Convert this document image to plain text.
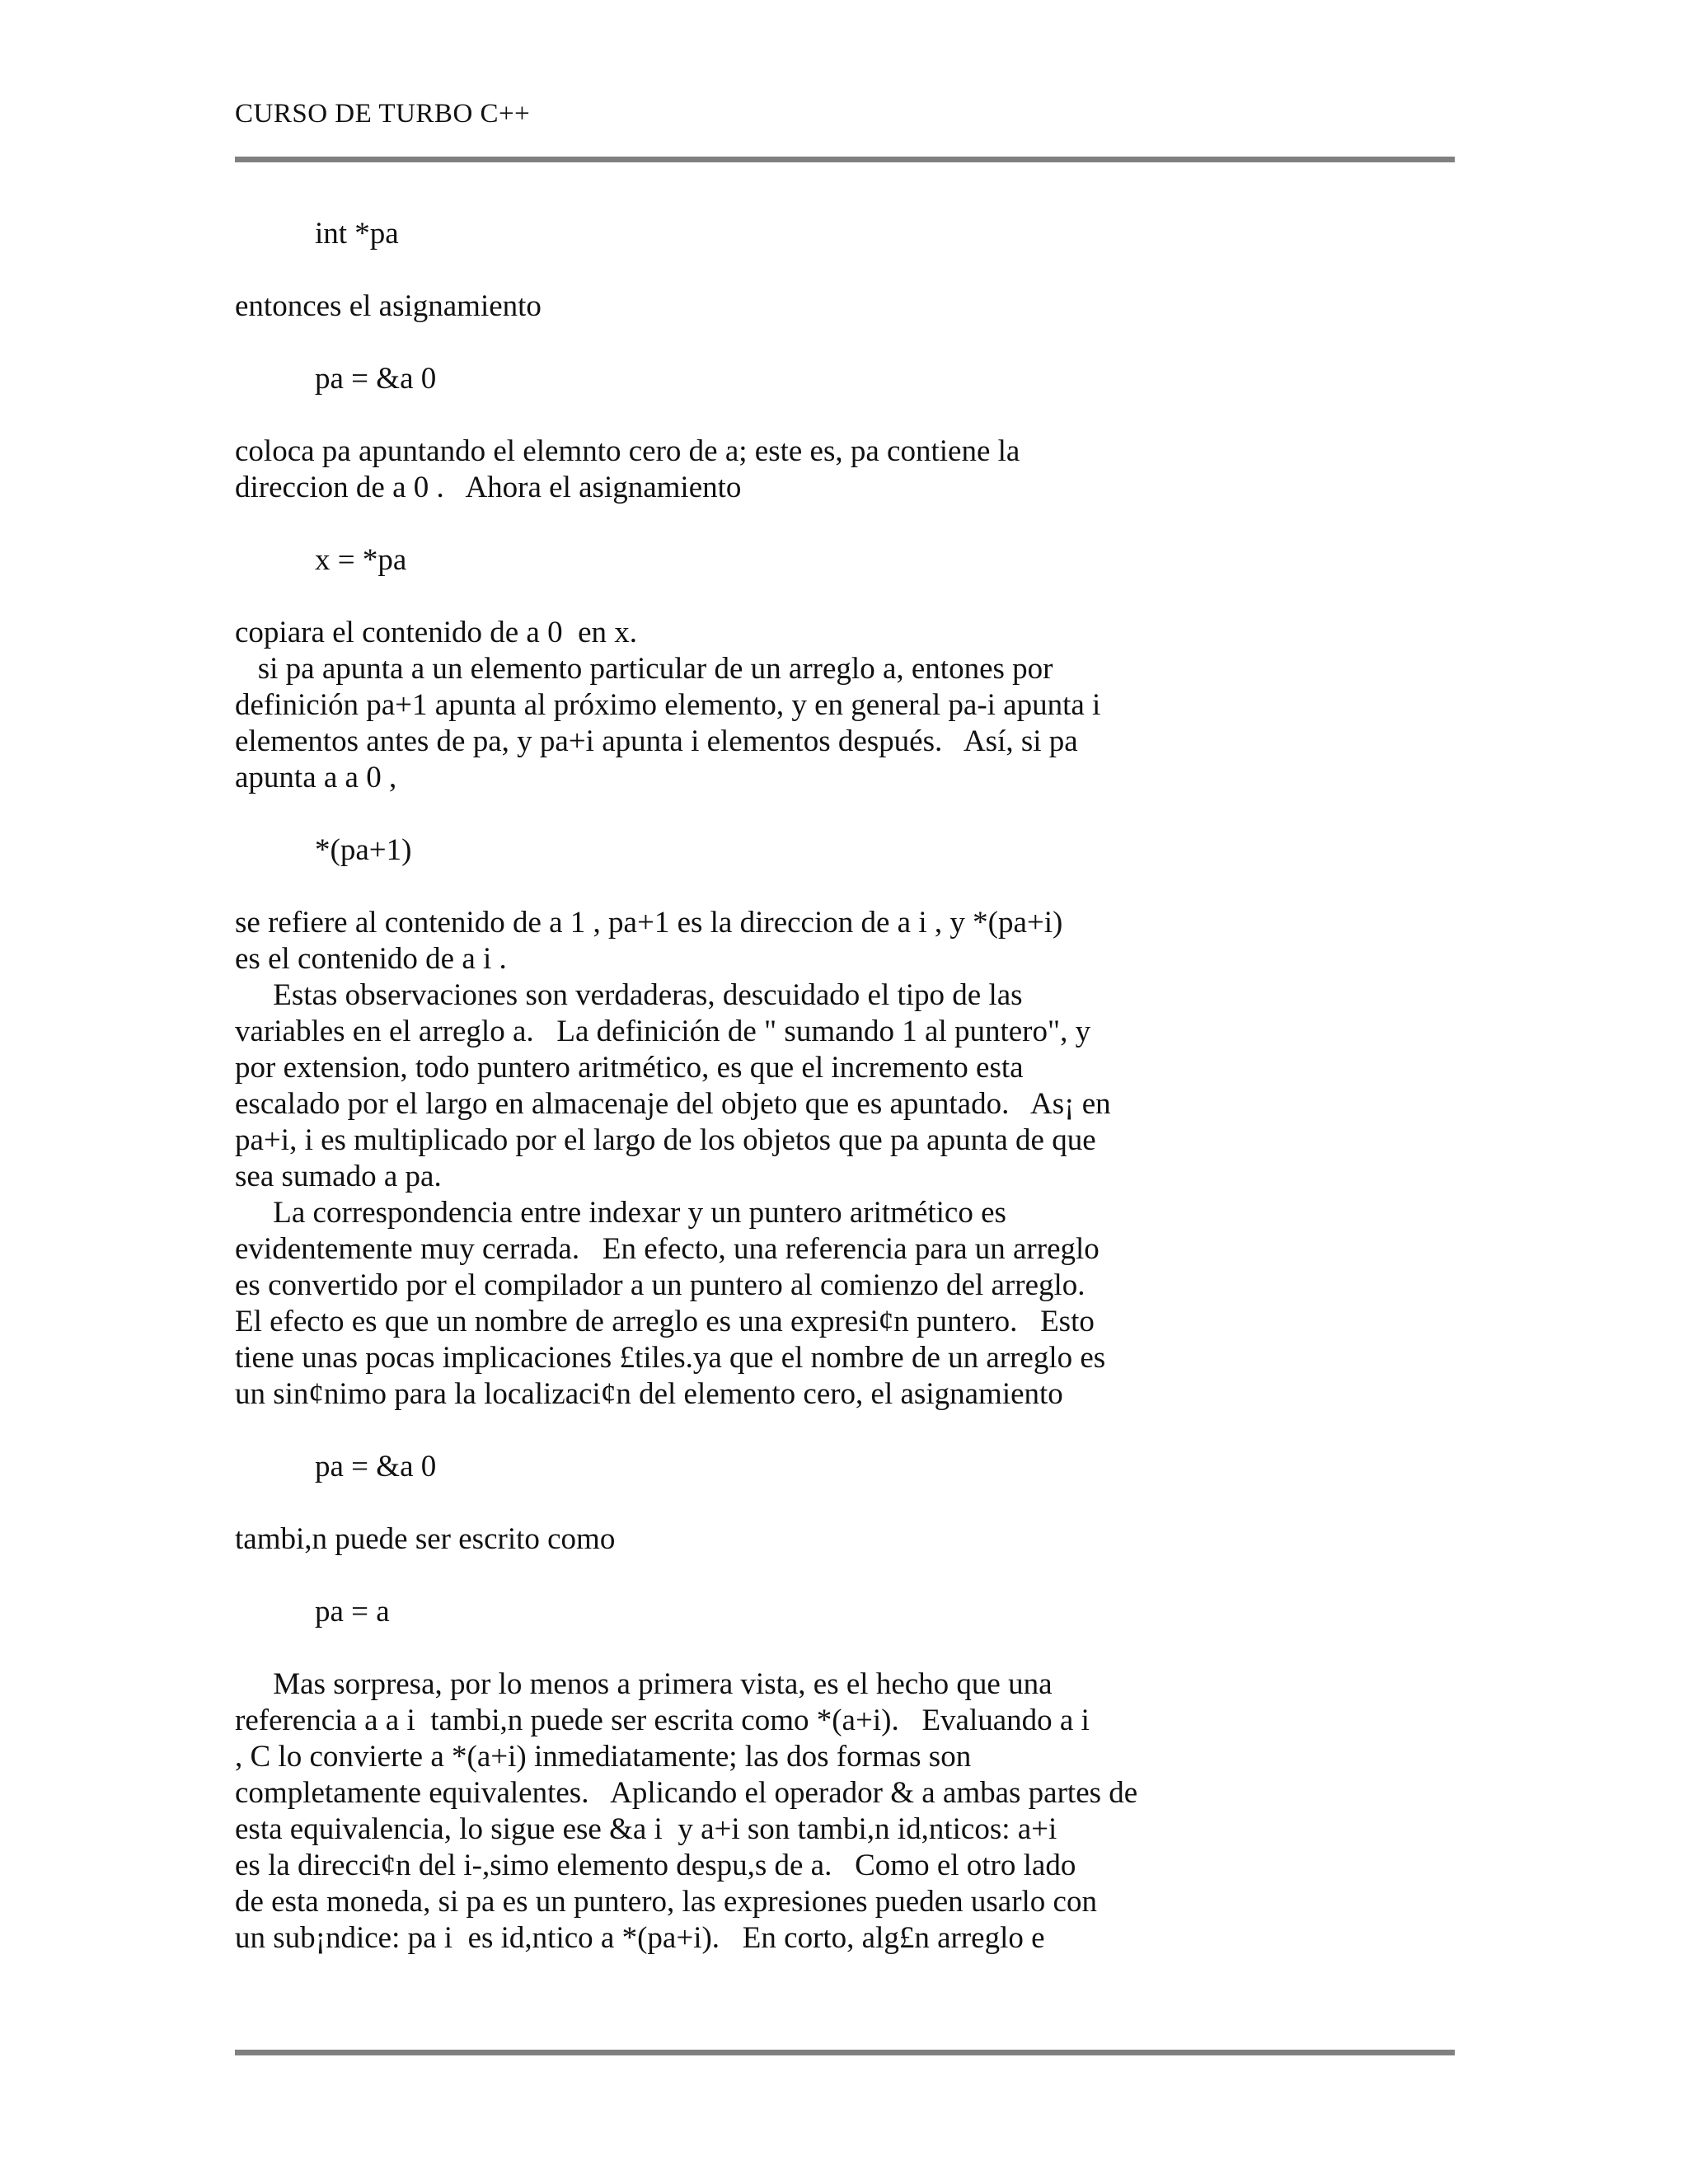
CURSO DE TURBO C++

int *pa

entonces el asignamiento

pa = &a 0

coloca pa apuntando el elemnto cero de a; este es, pa contiene la

direccion de a 0 .   Ahora el asignamiento

x = *pa

copiara el contenido de a 0  en x.

si pa apunta a un elemento particular de un arreglo a, entones por

definición pa+1 apunta al próximo elemento, y en general pa-i apunta i

elementos antes de pa, y pa+i apunta i elementos después.   Así, si pa

apunta a a 0 ,

*(pa+1)

se refiere al contenido de a 1 , pa+1 es la direccion de a i , y *(pa+i)

es el contenido de a i .

Estas observaciones son verdaderas, descuidado el tipo de las

variables en el arreglo a.   La definición de " sumando 1 al puntero", y

por extension, todo puntero aritmético, es que el incremento esta

escalado por el largo en almacenaje del objeto que es apuntado.   As¡ en

pa+i, i es multiplicado por el largo de los objetos que pa apunta de que

sea sumado a pa.

La correspondencia entre indexar y un puntero aritmético es

evidentemente muy cerrada.   En efecto, una referencia para un arreglo

es convertido por el compilador a un puntero al comienzo del arreglo.

El efecto es que un nombre de arreglo es una expresi¢n puntero.   Esto

tiene unas pocas implicaciones £tiles.ya que el nombre de un arreglo es

un sin¢nimo para la localizaci¢n del elemento cero, el asignamiento

pa = &a 0

tambi,n puede ser escrito como

pa = a

Mas sorpresa, por lo menos a primera vista, es el hecho que una

referencia a a i  tambi,n puede ser escrita como *(a+i).   Evaluando a i

, C lo convierte a *(a+i) inmediatamente; las dos formas son

completamente equivalentes.   Aplicando el operador & a ambas partes de

esta equivalencia, lo sigue ese &a i  y a+i son tambi,n id,nticos: a+i

es la direcci¢n del i-,simo elemento despu,s de a.   Como el otro lado

de esta moneda, si pa es un puntero, las expresiones pueden usarlo con

un sub¡ndice: pa i  es id,ntico a *(pa+i).   En corto, alg£n arreglo e
